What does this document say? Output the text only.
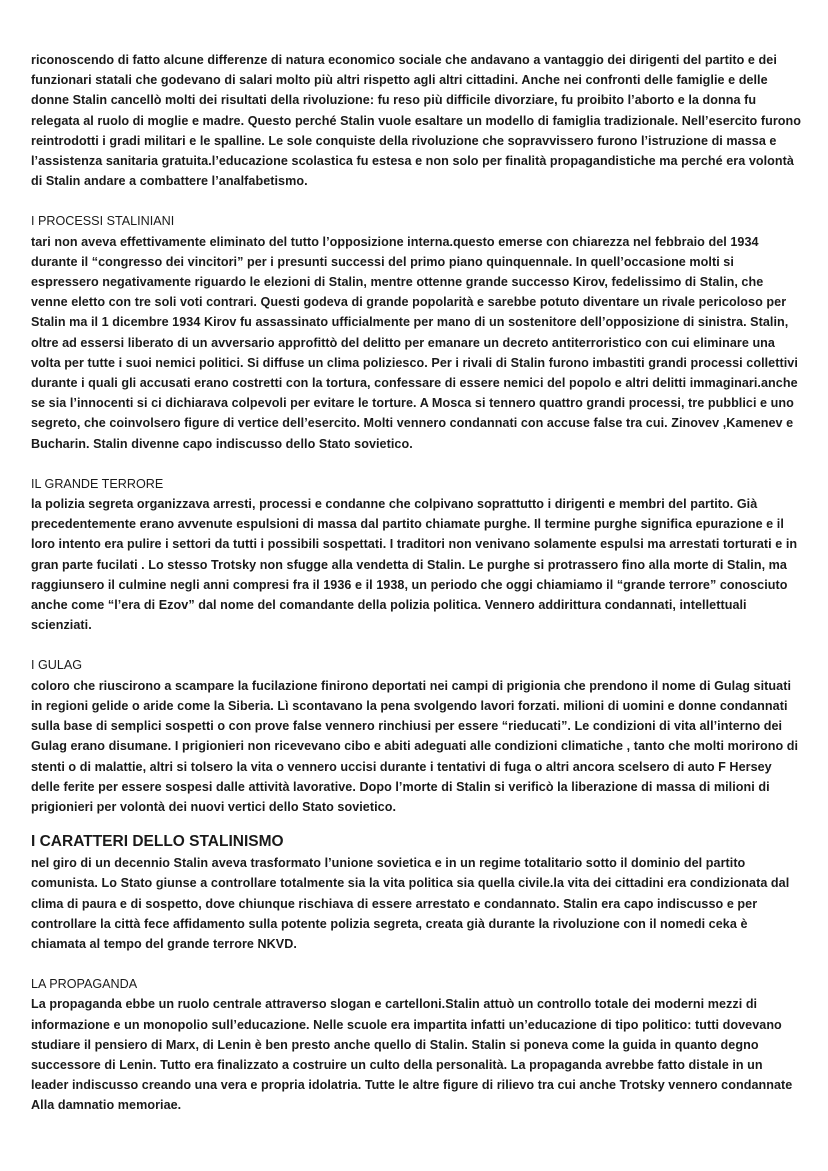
riconoscendo di fatto alcune differenze di natura economico sociale che andavano a vantaggio dei dirigenti del partito e dei funzionari statali che godevano di salari molto più altri rispetto agli altri cittadini. Anche nei confronti delle famiglie e delle donne Stalin cancellò molti dei risultati della rivoluzione: fu reso più difficile divorziare, fu proibito l’aborto e la donna fu relegata al ruolo di moglie e madre. Questo perché Stalin vuole esaltare un modello di famiglia tradizionale. Nell’esercito furono reintrodotti i gradi militari e le spalline. Le sole conquiste della rivoluzione che sopravvissero furono l’istruzione di massa e l’assistenza sanitaria gratuita.l’educazione scolastica fu estesa e non solo per finalità propagandistiche ma perché era volontà di Stalin andare a combattere l’analfabetismo.

I PROCESSI STALINIANI

tari non aveva effettivamente eliminato del tutto l’opposizione interna.questo emerse con chiarezza nel febbraio del 1934 durante il “congresso dei vincitori” per i presunti successi del primo piano quinquennale. In quell’occasione molti si espressero negativamente riguardo le elezioni di Stalin, mentre ottenne grande successo Kirov, fedelissimo di Stalin, che venne eletto con tre soli voti contrari. Questi godeva di grande popolarità e sarebbe potuto diventare un rivale pericoloso per Stalin ma il 1 dicembre 1934 Kirov fu assassinato ufficialmente per mano di un sostenitore dell’opposizione di sinistra. Stalin, oltre ad essersi liberato di un avversario approfittò del delitto per emanare un decreto antiterroristico con cui eliminare una volta per tutte i suoi nemici politici. Si diffuse un clima poliziesco. Per i rivali di Stalin furono imbastiti grandi processi collettivi durante i quali gli accusati erano costretti con la tortura, confessare di essere nemici del popolo e altri delitti immaginari.anche se sia l’innocenti si ci dichiarava colpevoli per evitare le torture. A Mosca si tennero quattro grandi processi, tre pubblici e uno segreto, che coinvolsero figure di vertice dell’esercito. Molti vennero condannati con accuse false tra cui. Zinovev ,Kamenev e Bucharin. Stalin divenne capo indiscusso dello Stato sovietico.

IL GRANDE TERRORE

la polizia segreta organizzava arresti, processi e condanne che colpivano soprattutto i dirigenti e membri del partito. Già precedentemente erano avvenute espulsioni di massa dal partito chiamate purghe. Il termine purghe significa epurazione e il loro intento era pulire i settori da tutti i possibili sospettati. I traditori non venivano solamente espulsi ma arrestati torturati e in gran parte fucilati . Lo stesso Trotsky non sfugge alla vendetta di Stalin. Le purghe si protrassero fino alla morte di Stalin, ma raggiunsero il culmine negli anni compresi fra il 1936 e il 1938, un periodo che oggi chiamiamo il “grande terrore” conosciuto anche come “l’era di Ezov” dal nome del comandante della polizia politica. Vennero addirittura condannati, intellettuali scienziati.

I GULAG

coloro che riuscirono a scampare la fucilazione finirono deportati nei campi di prigionia che prendono il nome di Gulag situati in regioni gelide o aride come la Siberia. Lì scontavano la pena svolgendo lavori forzati. milioni di uomini e donne condannati sulla base di semplici sospetti o con prove false vennero rinchiusi per essere “rieducati”. Le condizioni di vita all’interno dei Gulag erano disumane. I prigionieri non ricevevano cibo e abiti adeguati alle condizioni climatiche , tanto che molti morirono di stenti o di malattie, altri si tolsero la vita o vennero uccisi durante i tentativi di fuga o altri ancora scelsero di auto F Hersey delle ferite per essere sospesi dalle attività lavorative. Dopo l’morte di Stalin si verificò la liberazione di massa di milioni di prigionieri per volontà dei nuovi vertici dello Stato sovietico.

I CARATTERI DELLO STALINISMO

nel giro di un decennio Stalin aveva trasformato l’unione sovietica e in un regime totalitario sotto il dominio del partito comunista. Lo Stato giunse a controllare totalmente sia la vita politica sia quella civile.la vita dei cittadini era condizionata dal clima di paura e di sospetto, dove chiunque rischiava di essere arrestato e condannato. Stalin era capo indiscusso e per controllare la città fece affidamento sulla potente polizia segreta, creata già durante la rivoluzione con il nomedi ceka è chiamata al tempo del grande terrore NKVD.

LA PROPAGANDA

La propaganda ebbe un ruolo centrale attraverso slogan e cartelloni.Stalin attuò un controllo totale dei moderni mezzi di informazione e un monopolio sull’educazione. Nelle scuole era impartita infatti un’educazione di tipo politico: tutti dovevano studiare il pensiero di Marx, di Lenin è ben presto anche quello di Stalin. Stalin si poneva come la guida in quanto degno successore di Lenin. Tutto era finalizzato a costruire un culto della personalità. La propaganda avrebbe fatto distale in un leader indiscusso creando una vera e propria idolatria. Tutte le altre figure di rilievo tra cui anche Trotsky vennero condannate Alla damnatio memoriae.
